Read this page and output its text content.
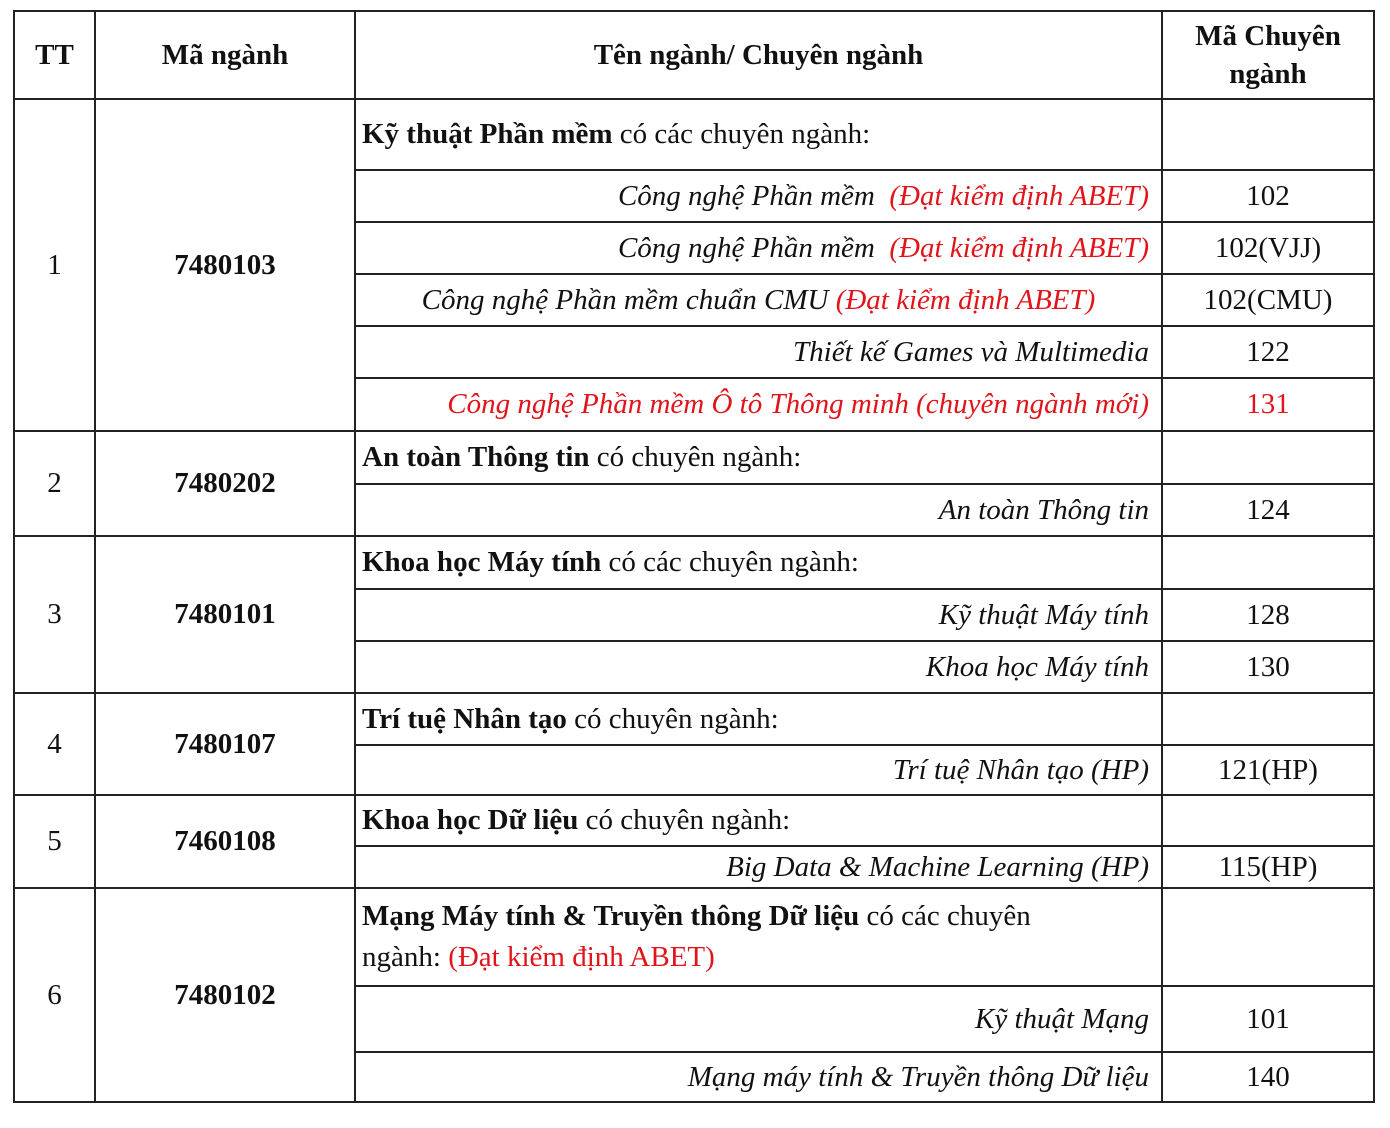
TT	Mã ngành	Tên ngành/ Chuyên ngành	Mã Chuyên
ngành
1	7480103	Kỹ thuật Phần mềm có các chuyên ngành:	
		Công nghệ Phần mềm (Đạt kiểm định ABET)	102
		Công nghệ Phần mềm (Đạt kiểm định ABET)	102(VJJ)
		Công nghệ Phần mềm chuẩn CMU (Đạt kiểm định ABET)	102(CMU)
		Thiết kế Games và Multimedia	122
		Công nghệ Phần mềm Ô tô Thông minh (chuyên ngành mới)	131
2	7480202	An toàn Thông tin có chuyên ngành:	
		An toàn Thông tin	124
3	7480101	Khoa học Máy tính có các chuyên ngành:	
		Kỹ thuật Máy tính	128
		Khoa học Máy tính	130
4	7480107	Trí tuệ Nhân tạo có chuyên ngành:	
		Trí tuệ Nhân tạo (HP)	121(HP)
5	7460108	Khoa học Dữ liệu có chuyên ngành:	
		Big Data & Machine Learning (HP)	115(HP)
6	7480102	Mạng Máy tính & Truyền thông Dữ liệu có các chuyên
ngành: (Đạt kiểm định ABET)	
		Kỹ thuật Mạng	101
		Mạng máy tính & Truyền thông Dữ liệu	140
